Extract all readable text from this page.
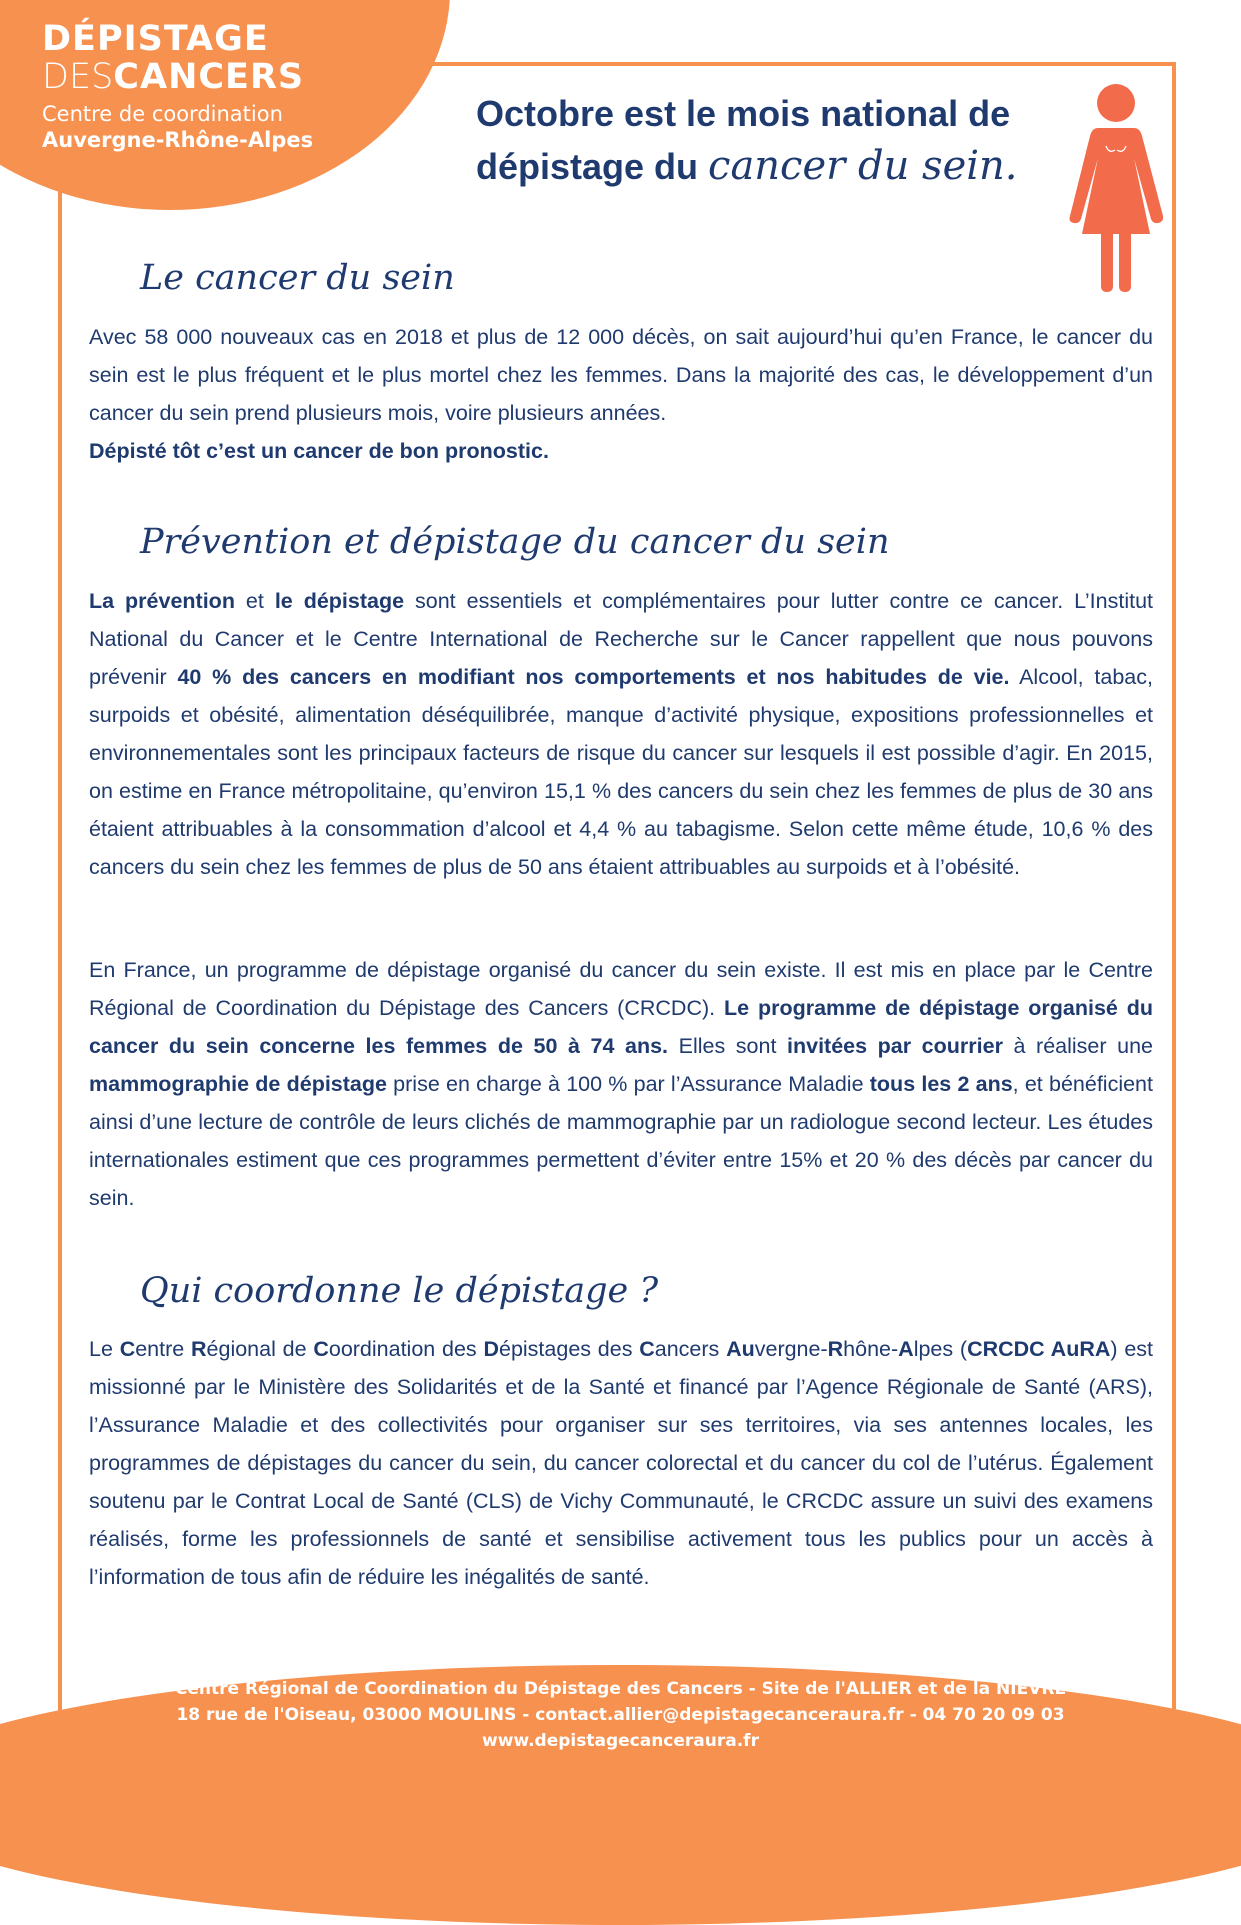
DÉPISTAGE
DESCANCERS
Centre de coordination
Auvergne-Rhône-Alpes
Octobre est le mois national de
dépistage du cancer du sein.
Le cancer du sein

Avec 58 000 nouveaux cas en 2018 et plus de 12 000 décès, on sait aujourd’hui qu’en France, le cancer du sein est le plus fréquent et le plus mortel chez les femmes. Dans la majorité des cas, le développement d’un cancer du sein prend plusieurs mois, voire plusieurs années.
Dépisté tôt c’est un cancer de bon pronostic.

Prévention et dépistage du cancer du sein

La prévention et le dépistage sont essentiels et complémentaires pour lutter contre ce cancer. L’Institut National du Cancer et le Centre International de Recherche sur le Cancer rappellent que nous pouvons prévenir 40 % des cancers en modifiant nos comportements et nos habitudes de vie. Alcool, tabac, surpoids et obésité, alimentation déséquilibrée, manque d’activité physique, expositions professionnelles et environnementales sont les principaux facteurs de risque du cancer sur lesquels il est possible d’agir. En 2015, on estime en France métropolitaine, qu’environ 15,1 % des cancers du sein chez les femmes de plus de 30 ans étaient attribuables à la consommation d’alcool et 4,4 % au tabagisme. Selon cette même étude, 10,6 % des cancers du sein chez les femmes de plus de 50 ans étaient attribuables au surpoids et à l’obésité.

En France, un programme de dépistage organisé du cancer du sein existe. Il est mis en place par le Centre Régional de Coordination du Dépistage des Cancers (CRCDC). Le programme de dépistage organisé du cancer du sein concerne les femmes de 50 à 74 ans. Elles sont invitées par courrier à réaliser une mammographie de dépistage prise en charge à 100 % par l’Assurance Maladie tous les 2 ans, et bénéficient ainsi d’une lecture de contrôle de leurs clichés de mammographie par un radiologue second lecteur. Les études internationales estiment que ces programmes permettent d’éviter entre 15% et 20 % des décès par cancer du sein.

Qui coordonne le dépistage ?

Le Centre Régional de Coordination des Dépistages des Cancers Auvergne-Rhône-Alpes (CRCDC AuRA) est missionné par le Ministère des Solidarités et de la Santé et financé par l’Agence Régionale de Santé (ARS), l’Assurance Maladie et des collectivités pour organiser sur ses territoires, via ses antennes locales, les programmes de dépistages du cancer du sein, du cancer colorectal et du cancer du col de l’utérus. Également soutenu par le Contrat Local de Santé (CLS) de Vichy Communauté, le CRCDC assure un suivi des examens réalisés, forme les professionnels de santé et sensibilise activement tous les publics pour un accès à l’information de tous afin de réduire les inégalités de santé.

Centre Régional de Coordination du Dépistage des Cancers - Site de l'ALLIER et de la NIEVRE
18 rue de l'Oiseau, 03000 MOULINS - contact.allier@depistagecanceraura.fr - 04 70 20 09 03
www.depistagecanceraura.fr
